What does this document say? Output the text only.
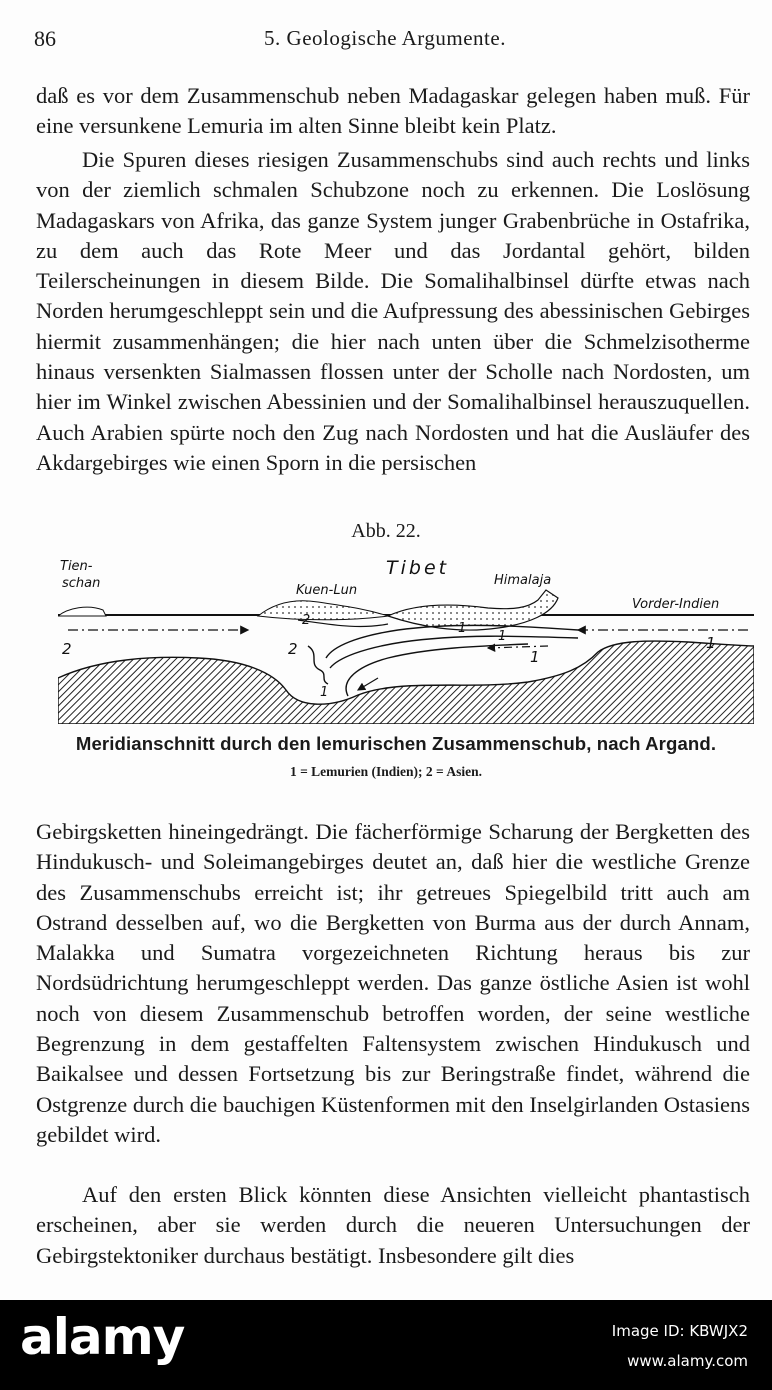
86	5. Geologische Argumente.

daß es vor dem Zusammenschub neben Madagaskar gelegen haben muß. Für eine versunkene Lemuria im alten Sinne bleibt kein Platz.

Die Spuren dieses riesigen Zusammenschubs sind auch rechts und links von der ziemlich schmalen Schubzone noch zu erkennen. Die Loslösung Madagaskars von Afrika, das ganze System junger Grabenbrüche in Ostafrika, zu dem auch das Rote Meer und das Jordantal gehört, bilden Teilerscheinungen in diesem Bilde. Die Somalihalbinsel dürfte etwas nach Norden herumgeschleppt sein und die Aufpressung des abessinischen Gebirges hiermit zusammenhängen; die hier nach unten über die Schmelzisotherme hinaus versenkten Sialmassen flossen unter der Scholle nach Nordosten, um hier im Winkel zwischen Abessinien und der Somalihalbinsel herauszuquellen. Auch Arabien spürte noch den Zug nach Nordosten und hat die Ausläufer des Akdargebirges wie einen Sporn in die persischen

Abb. 22.
Tien-
schan
Tibet
Kuen-Lun
Himalaja
Vorder-Indien
2	2
2
1
1
1
1
1
Meridianschnitt durch den lemurischen Zusammenschub, nach Argand.
1 = Lemurien (Indien); 2 = Asien.

Gebirgsketten hineingedrängt. Die fächerförmige Scharung der Bergketten des Hindukusch- und Soleimangebirges deutet an, daß hier die westliche Grenze des Zusammenschubs erreicht ist; ihr getreues Spiegelbild tritt auch am Ostrand desselben auf, wo die Bergketten von Burma aus der durch Annam, Malakka und Sumatra vorgezeichneten Richtung heraus bis zur Nordsüdrichtung herumgeschleppt werden. Das ganze östliche Asien ist wohl noch von diesem Zusammenschub betroffen worden, der seine westliche Begrenzung in dem gestaffelten Faltensystem zwischen Hindukusch und Baikalsee und dessen Fortsetzung bis zur Beringstraße findet, während die Ostgrenze durch die bauchigen Küstenformen mit den Inselgirlanden Ostasiens gebildet wird.

Auf den ersten Blick könnten diese Ansichten vielleicht phantastisch erscheinen, aber sie werden durch die neueren Untersuchungen der Gebirgstektoniker durchaus bestätigt. Insbesondere gilt dies

alamy	Image ID: KBWJX2
www.alamy.com
